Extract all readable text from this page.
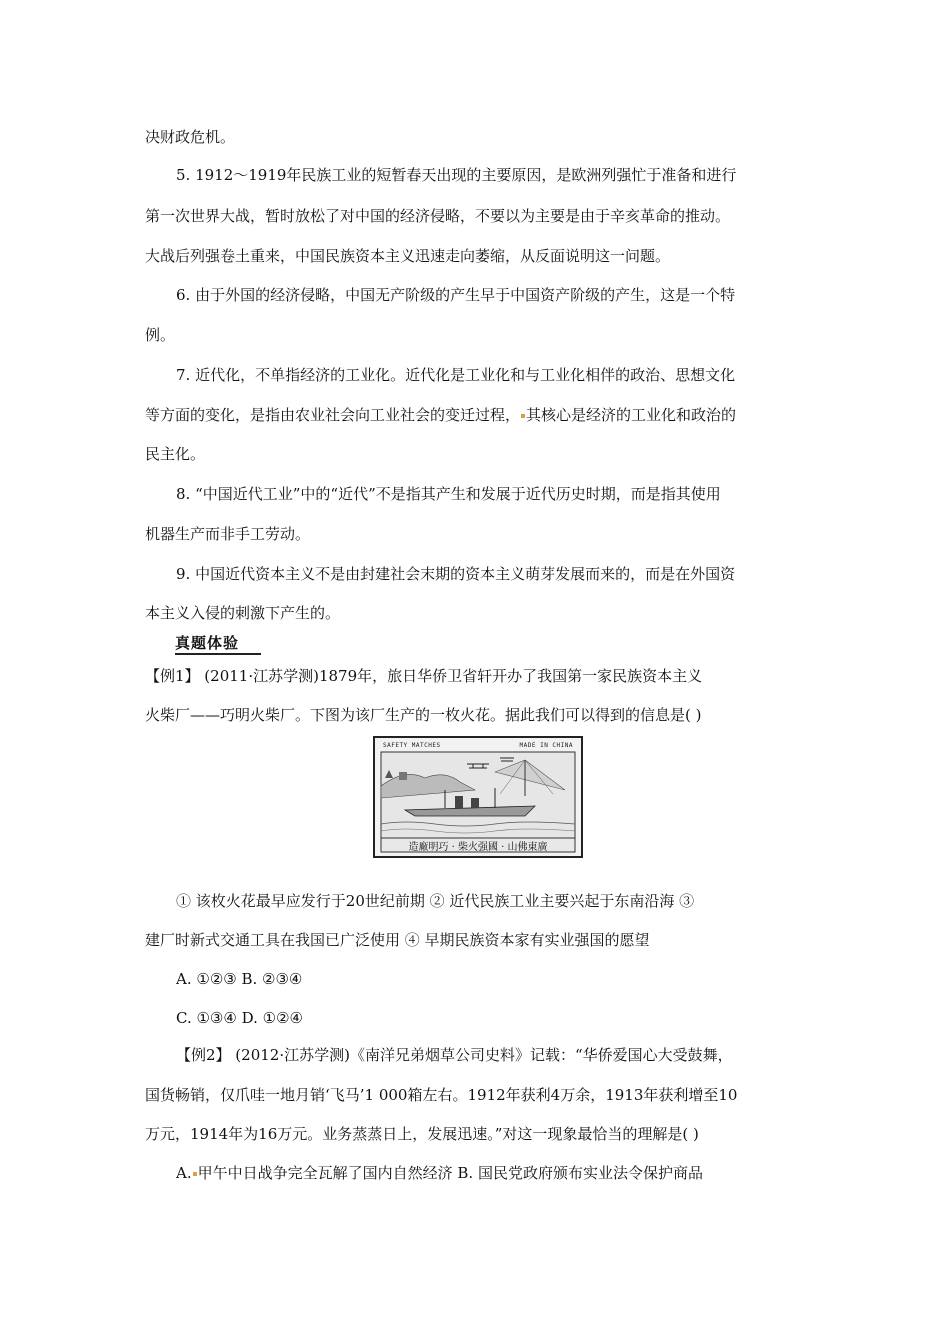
决财政危机。
5. 1912～1919年民族工业的短暂春天出现的主要原因，是欧洲列强忙于准备和进行
第一次世界大战，暂时放松了对中国的经济侵略，不要以为主要是由于辛亥革命的推动。
大战后列强卷土重来，中国民族资本主义迅速走向萎缩，从反面说明这一问题。
6. 由于外国的经济侵略，中国无产阶级的产生早于中国资产阶级的产生，这是一个特
例。
7. 近代化，不单指经济的工业化。近代化是工业化和与工业化相伴的政治、思想文化
等方面的变化，是指由农业社会向工业社会的变迁过程， 其核心是经济的工业化和政治的
民主化。
8. “中国近代工业”中的“近代”不是指其产生和发展于近代历史时期，而是指其使用
机器生产而非手工劳动。
9. 中国近代资本主义不是由封建社会末期的资本主义萌芽发展而来的，而是在外国资
本主义入侵的刺激下产生的。
真题体验
【例1】 (2011·江苏学测)1879年，旅日华侨卫省轩开办了我国第一家民族资本主义
火柴厂——巧明火柴厂。下图为该厂生产的一枚火花。据此我们可以得到的信息是( )
SAFETY MATCHES	MADE IN CHINA
造廠明巧 · 柴火强國 · 山佛東廣
① 该枚火花最早应发行于20世纪前期 ② 近代民族工业主要兴起于东南沿海 ③
建厂时新式交通工具在我国已广泛使用 ④ 早期民族资本家有实业强国的愿望
A. ①②③ B. ②③④
C. ①③④ D. ①②④
【例2】 (2012·江苏学测)《南洋兄弟烟草公司史料》记载：“华侨爱国心大受鼓舞，
国货畅销，仅爪哇一地月销‘飞马’1 000箱左右。1912年获利4万余，1913年获利增至10
万元，1914年为16万元。业务蒸蒸日上，发展迅速。”对这一现象最恰当的理解是( )
A. 甲午中日战争完全瓦解了国内自然经济 B. 国民党政府颁布实业法令保护商品
